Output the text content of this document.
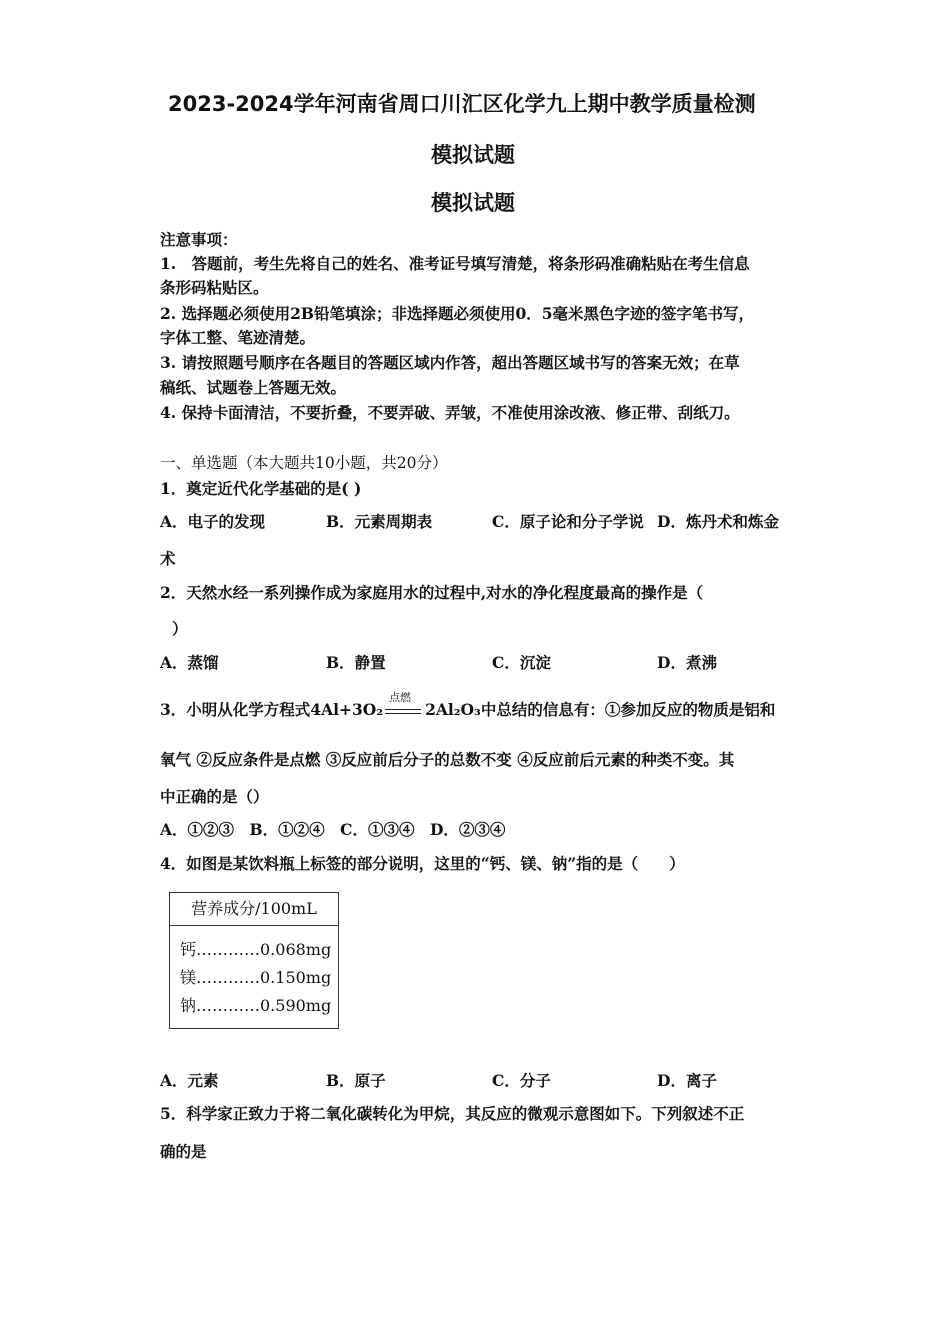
2023-2024学年河南省周口川汇区化学九上期中教学质量检测
模拟试题
模拟试题
注意事项：
1.　答题前，考生先将自己的姓名、准考证号填写清楚，将条形码准确粘贴在考生信息
条形码粘贴区。
2. 选择题必须使用2B铅笔填涂；非选择题必须使用0．5毫米黑色字迹的签字笔书写，
字体工整、笔迹清楚。
3. 请按照题号顺序在各题目的答题区域内作答，超出答题区域书写的答案无效；在草
稿纸、试题卷上答题无效。
4. 保持卡面清洁，不要折叠，不要弄破、弄皱，不准使用涂改液、修正带、刮纸刀。
一、单选题（本大题共10小题，共20分）
1．奠定近代化学基础的是( )
A．电子的发现	B．元素周期表	C．原子论和分子学说 D．炼丹术和炼金
术
2．天然水经一系列操作成为家庭用水的过程中,对水的净化程度最高的操作是（
）
A．蒸馏	B．静置	C．沉淀	D．煮沸
3．小明从化学方程式4Al+3O₂
点燃
2Al₂O₃中总结的信息有：①参加反应的物质是铝和
氧气 ②反应条件是点燃 ③反应前后分子的总数不变 ④反应前后元素的种类不变。其
中正确的是（）
A．①②③　B．①②④　C．①③④　D．②③④
4．如图是某饮料瓶上标签的部分说明，这里的“钙、镁、钠”指的是（　　）
营养成分/100mL
钙…………0.068mg
镁…………0.150mg
钠…………0.590mg
A．元素	B．原子	C．分子	D．离子
5．科学家正致力于将二氧化碳转化为甲烷，其反应的微观示意图如下。下列叙述不正
确的是
